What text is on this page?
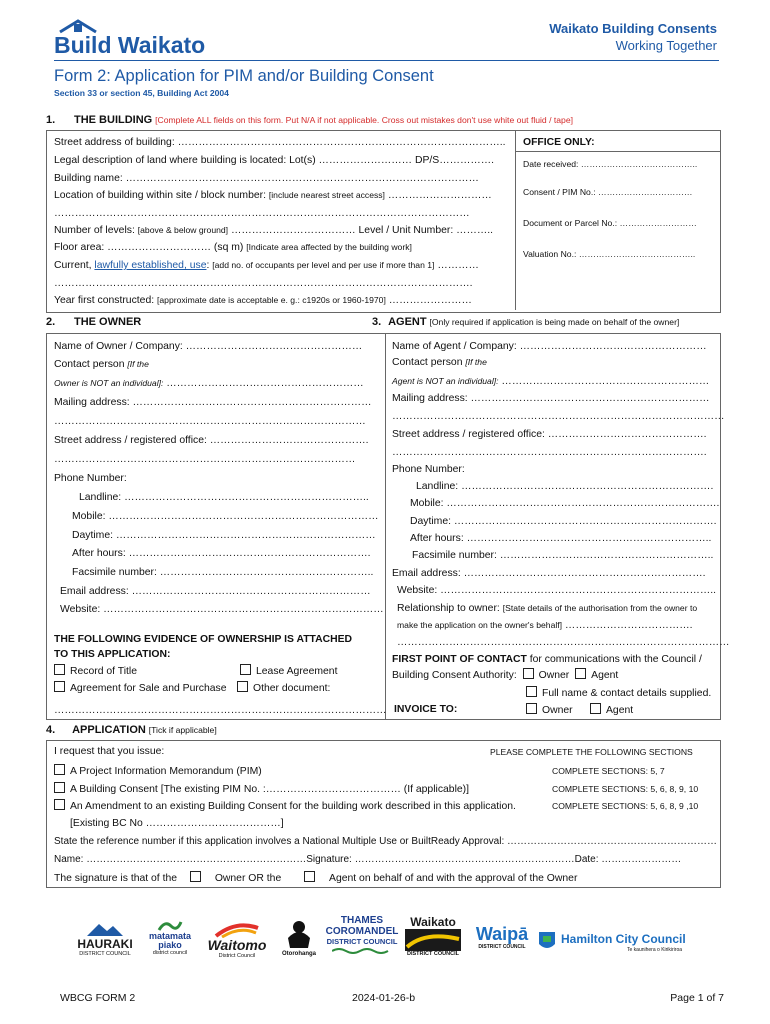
Build Waikato
Waikato Building Consents
Working Together
Form 2: Application for PIM and/or Building Consent
Section 33 or section 45, Building Act 2004
1. THE BUILDING [Complete ALL fields on this form. Put N/A if not applicable. Cross out mistakes don't use white out fluid / tape]
Street address of building: …………………………………………………………………………………..
Legal description of land where building is located: Lot(s) ……………………… DP/S…………….
Building name: …………………………………………………………………………………………
Location of building within site / block number: [include nearest street access] …………………………
…………………………………………………………………………………………………………
Number of levels: [above & below ground] ……………………………… Level / Unit Number: ………..
Floor area: ………………………… (sq m) [Indicate area affected by the building work]
Current, lawfully established, use: [add no. of occupants per level and per use if more than 1] …………
………………………………………………………………………………………………………….
Year first constructed: [approximate date is acceptable e. g.: c1920s or 1960-1970] ……………………
OFFICE ONLY:
Date received: …………………………………..
Consent / PIM No.: ……………………………
Document or Parcel No.: ………………………
Valuation No.: …………………………………..
2. THE OWNER	3. AGENT [Only required if application is being made on behalf of the owner]
Name of Owner / Company: ……………………………………………
Contact person [If the
Owner is NOT an individual]: …………………………………………………
Mailing address: ……………………………………………………………
………………………………………………………………………………
Street address / registered office: ……………………………………….
……………………………………………………………………………
Phone Number:
Landline: ……………………………………………………………..
Mobile: ……………………………………………………………………
Daytime: …………………………………………………………………
After hours: …………………………………………………………….
Facsimile number: ……………………………………………………..
Email address: ……………………………………………………………
Website: ………………………………………………………………………
THE FOLLOWING EVIDENCE OF OWNERSHIP IS ATTACHED
TO THIS APPLICATION:
Record of Title	Lease Agreement
Agreement for Sale and Purchase	Other document:
……………………………………………………………………………………
Name of Agent / Company: ………………………………………………
Contact person [If the
Agent is NOT an individual]: ……………………………………………………
Mailing address: ……………………………………………………………
……………………………………………………………………………………
Street address / registered office: ……………………………………….
……………………………………………………………………………….
Phone Number:
Landline: ……………………………………………………………….
Mobile: …………………………………………………………………….
Daytime: ………………………………………………………………….
After hours: ……………………………………………………………..
Facsimile number: ……………………………………………………..
Email address: …………………………………………………………….
Website: ……………………………………………………………………..
Relationship to owner: [State details of the authorisation from the owner to
make the application on the owner's behalf] ……………………………….
……………………………………………………………………………………
FIRST POINT OF CONTACT for communications with the Council /
Building Consent Authority: Owner Agent
Full name & contact details supplied.
INVOICE TO:	Owner	Agent
4. APPLICATION [Tick if applicable]
I request that you issue:	PLEASE COMPLETE THE FOLLOWING SECTIONS
A Project Information Memorandum (PIM)	COMPLETE SECTIONS: 5, 7
A Building Consent [The existing PIM No. :………………………………… (If applicable)]	COMPLETE SECTIONS: 5, 6, 8, 9, 10
An Amendment to an existing Building Consent for the building work described in this application.	COMPLETE SECTIONS: 5, 6, 8, 9 ,10
[Existing BC No …………………………………]
State the reference number if this application involves a National Multiple Use or BuiltReady Approval: ………………………………………………………
Name: …………………………………………………………Signature: …………………………………………………………Date: ……………………
The signature is that of the	Owner OR the	Agent on behalf of and with the approval of the Owner
HAURAKI
DISTRICT COUNCIL
matamata piako
district council	Waitomo
District Council	Otorohanga
THAMES
COROMANDEL
DISTRICT COUNCIL
Waikato
DISTRICT COUNCIL
Waipā
DISTRICT COUNCIL
Hamilton City Council
Te kaunihera o Kirikiriroa
WBCG FORM 2	2024-01-26-b	Page 1 of 7
